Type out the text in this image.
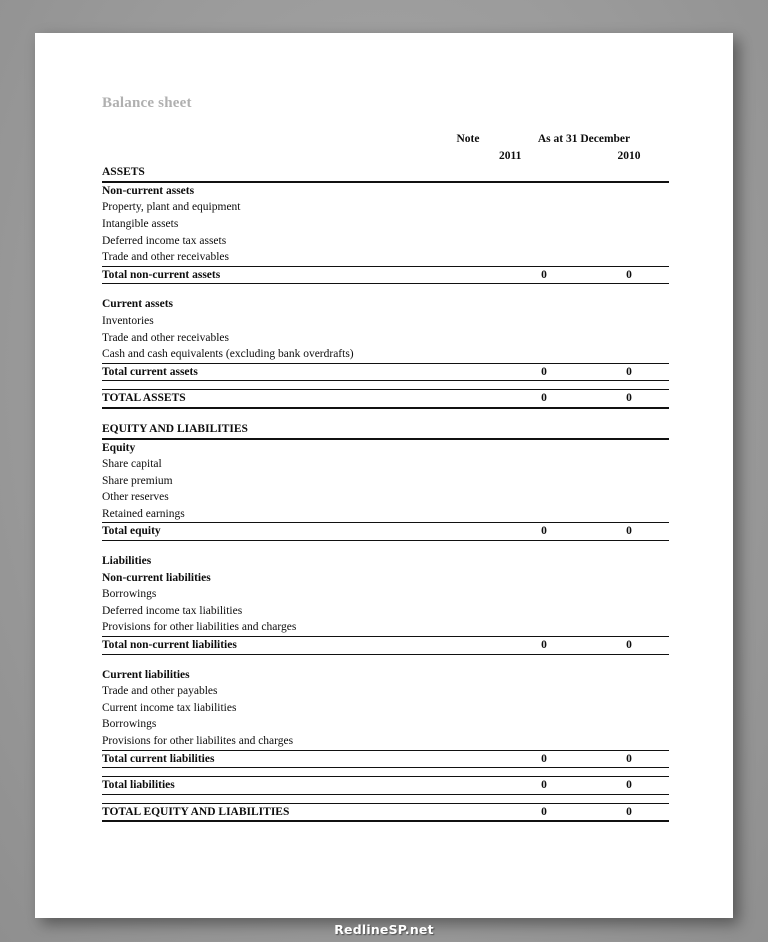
Balance sheet
	Note	As at 31 December	
		2011	2010
ASSETS			
Non-current assets			
Property, plant and equipment			
Intangible assets			
Deferred income tax assets			
Trade and other receivables			
Total non-current assets		0	0

Current assets			
Inventories			
Trade and other receivables			
Cash and cash equivalents (excluding bank overdrafts)			
Total current assets		0	0

TOTAL ASSETS		0	0

EQUITY AND LIABILITIES			
Equity			
Share capital			
Share premium			
Other reserves			
Retained earnings			
Total equity		0	0

Liabilities			
Non-current liabilities			
Borrowings			
Deferred income tax liabilities			
Provisions for other liabilities and charges			
Total non-current liabilities		0	0

Current liabilities			
Trade and other payables			
Current income tax liabilities			
Borrowings			
Provisions for other liabilites and charges			
Total current liabilities		0	0

Total liabilities		0	0

TOTAL EQUITY AND LIABILITIES		0	0
RedlineSP.net
